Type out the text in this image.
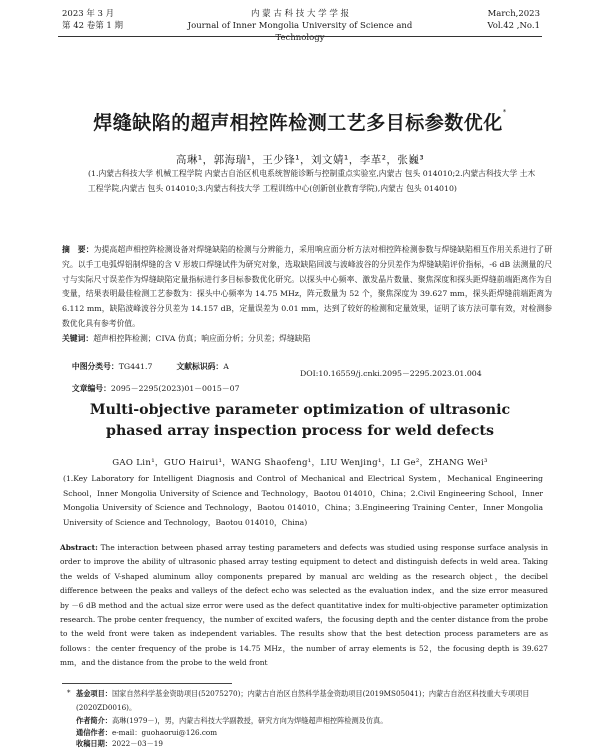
2023 年 3 月
第 42 卷第 1 期
内 蒙 古 科 技 大 学 学 报
Journal of Inner Mongolia University of Science and Technology
March,2023
Vol.42 ,No.1
焊缝缺陷的超声相控阵检测工艺多目标参数优化*
高琳¹，郭海瑞¹，王少锋¹，刘文婧¹，李革²，张巍³
(1.内蒙古科技大学 机械工程学院 内蒙古自治区机电系统智能诊断与控制重点实验室,内蒙古 包头 014010;2.内蒙古科技大学 土木工程学院,内蒙古 包头 014010;3.内蒙古科技大学 工程训练中心(创新创业教育学院),内蒙古 包头 014010)
摘　要：为提高超声相控阵检测设备对焊缝缺陷的检测与分辨能力，采用响应面分析方法对相控阵检测参数与焊缝缺陷相互作用关系进行了研究。以手工电弧焊铝制焊缝的含 V 形坡口焊缝试件为研究对象，选取缺陷回波与波峰波谷的分贝差作为焊缝缺陷评价指标，-6 dB 法测量的尺寸与实际尺寸误差作为焊缝缺陷定量指标进行多目标参数优化研究。以探头中心频率、激发晶片数量、聚焦深度和探头距焊缝前端距离作为自变量，结果表明最佳检测工艺参数为：探头中心频率为 14.75 MHz，阵元数量为 52 个，聚焦深度为 39.627 mm，探头距焊缝前端距离为 6.112 mm，缺陷波峰波谷分贝差为 14.157 dB，定量误差为 0.01 mm，达到了较好的检测和定量效果，证明了该方法可靠有效，对检测参数优化具有参考价值。
关键词：超声相控阵检测；CIVA 仿真；响应面分析；分贝差；焊缝缺陷

中图分类号：TG441.7	文献标识码：A

文章编号：2095－2295(2023)01－0015－07

DOI:10.16559/j.cnki.2095－2295.2023.01.004
Multi-objective parameter optimization of ultrasonic
phased array inspection process for weld defects
GAO Lin¹，GUO Hairui¹，WANG Shaofeng¹，LIU Wenjing¹，LI Ge²，ZHANG Wei³
(1.Key Laboratory for Intelligent Diagnosis and Control of Mechanical and Electrical System，Mechanical Engineering School，Inner Mongolia University of Science and Technology，Baotou 014010，China；2.Civil Engineering School，Inner Mongolia University of Science and Technology，Baotou 014010，China；3.Engineering Training Center，Inner Mongolia University of Science and Technology，Baotou 014010，China)
Abstract: The interaction between phased array testing parameters and defects was studied using response surface analysis in order to improve the ability of ultrasonic phased array testing equipment to detect and distinguish defects in weld area. Taking the welds of V-shaped aluminum alloy components prepared by manual arc welding as the research object，the decibel difference between the peaks and valleys of the defect echo was selected as the evaluation index，and the size error measured by －6 dB method and the actual size error were used as the defect quantitative index for multi-objective parameter optimization research. The probe center frequency，the number of excited wafers，the focusing depth and the center distance from the probe to the weld front were taken as independent variables. The results show that the best detection process parameters are as follows：the center frequency of the probe is 14.75 MHz，the number of array elements is 52，the focusing depth is 39.627 mm，and the distance from the probe to the weld front
* 基金项目：国家自然科学基金资助项目(52075270)；内蒙古自治区自然科学基金资助项目(2019MS05041)；内蒙古自治区科技重大专项项目(2020ZD0016)。
作者简介：高琳(1979－)，男，内蒙古科技大学副教授，研究方向为焊缝超声相控阵检测及仿真。
通信作者：e-mail：guohaorui@126.com
收稿日期：2022－03－19
